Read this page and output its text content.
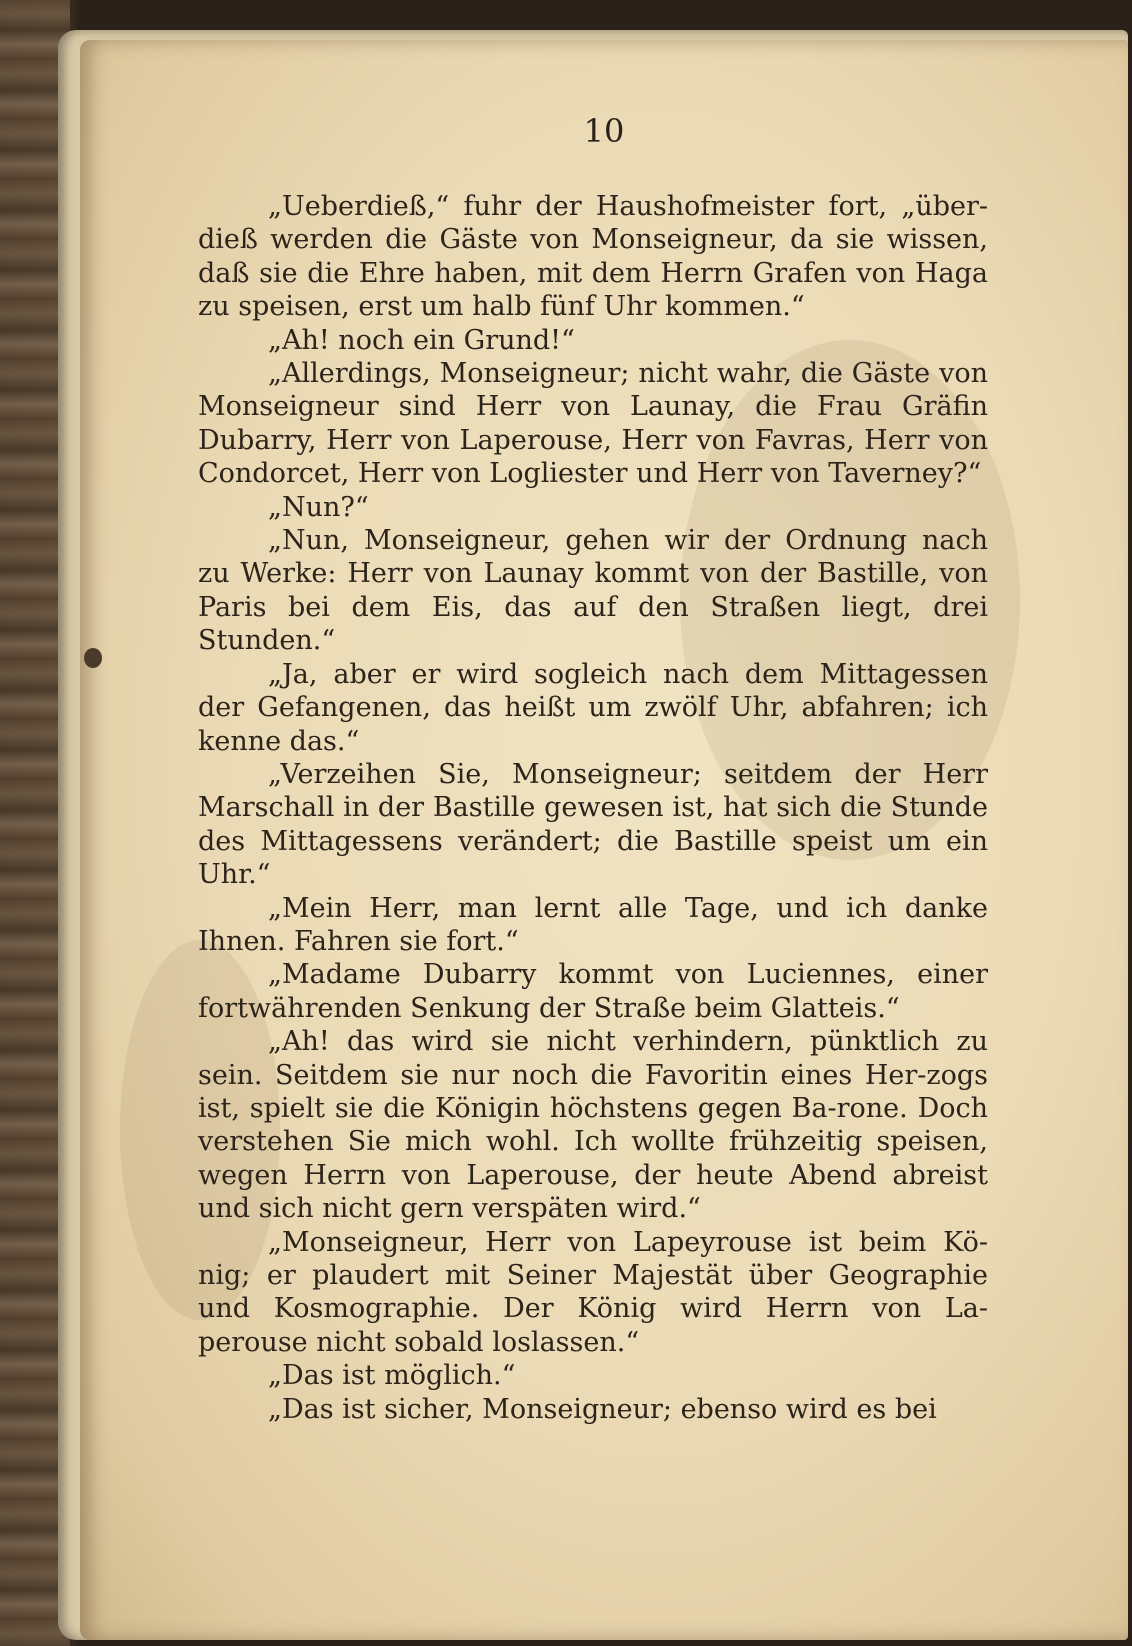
10

„Ueberdieß,“ fuhr der Haushofmeister fort, „über-dieß werden die Gäste von Monseigneur, da sie wissen, daß sie die Ehre haben, mit dem Herrn Grafen von Haga zu speisen, erst um halb fünf Uhr kommen.“

„Ah! noch ein Grund!“

„Allerdings, Monseigneur; nicht wahr, die Gäste von Monseigneur sind Herr von Launay, die Frau Gräfin Dubarry, Herr von Laperouse, Herr von Favras, Herr von Condorcet, Herr von Logliester und Herr von Taverney?“

„Nun?“

„Nun, Monseigneur, gehen wir der Ordnung nach zu Werke: Herr von Launay kommt von der Bastille, von Paris bei dem Eis, das auf den Straßen liegt, drei Stunden.“

„Ja, aber er wird sogleich nach dem Mittagessen der Gefangenen, das heißt um zwölf Uhr, abfahren; ich kenne das.“

„Verzeihen Sie, Monseigneur; seitdem der Herr Marschall in der Bastille gewesen ist, hat sich die Stunde des Mittagessens verändert; die Bastille speist um ein Uhr.“

„Mein Herr, man lernt alle Tage, und ich danke Ihnen. Fahren sie fort.“

„Madame Dubarry kommt von Luciennes, einer fortwährenden Senkung der Straße beim Glatteis.“

„Ah! das wird sie nicht verhindern, pünktlich zu sein. Seitdem sie nur noch die Favoritin eines Her-zogs ist, spielt sie die Königin höchstens gegen Ba-rone. Doch verstehen Sie mich wohl. Ich wollte frühzeitig speisen, wegen Herrn von Laperouse, der heute Abend abreist und sich nicht gern verspäten wird.“

„Monseigneur, Herr von Lapeyrouse ist beim Kö-nig; er plaudert mit Seiner Majestät über Geographie und Kosmographie. Der König wird Herrn von La-perouse nicht sobald loslassen.“

„Das ist möglich.“

„Das ist sicher, Monseigneur; ebenso wird es bei
